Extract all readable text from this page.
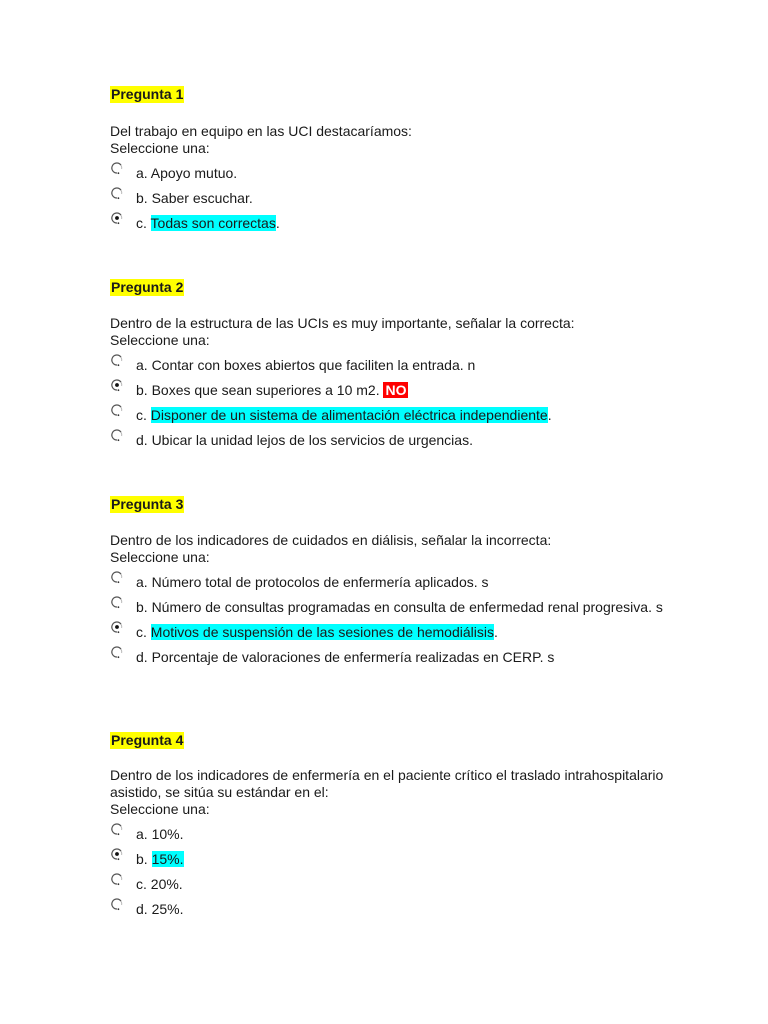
Pregunta 1
Del trabajo en equipo en las UCI destacaríamos:
Seleccione una:
a. Apoyo mutuo.
b. Saber escuchar.
c. Todas son correctas.
Pregunta 2
Dentro de la estructura de las UCIs es muy importante, señalar la correcta:
Seleccione una:
a. Contar con boxes abiertos que faciliten la entrada. n
b. Boxes que sean superiores a 10 m2. NO
c. Disponer de un sistema de alimentación eléctrica independiente.
d. Ubicar la unidad lejos de los servicios de urgencias.
Pregunta 3
Dentro de los indicadores de cuidados en diálisis, señalar la incorrecta:
Seleccione una:
a. Número total de protocolos de enfermería aplicados. s
b. Número de consultas programadas en consulta de enfermedad renal progresiva. s
c. Motivos de suspensión de las sesiones de hemodiálisis.
d. Porcentaje de valoraciones de enfermería realizadas en CERP. s
Pregunta 4
Dentro de los indicadores de enfermería en el paciente crítico el traslado intrahospitalario asistido, se sitúa su estándar en el:
Seleccione una:
a. 10%.
b. 15%.
c. 20%.
d. 25%.
